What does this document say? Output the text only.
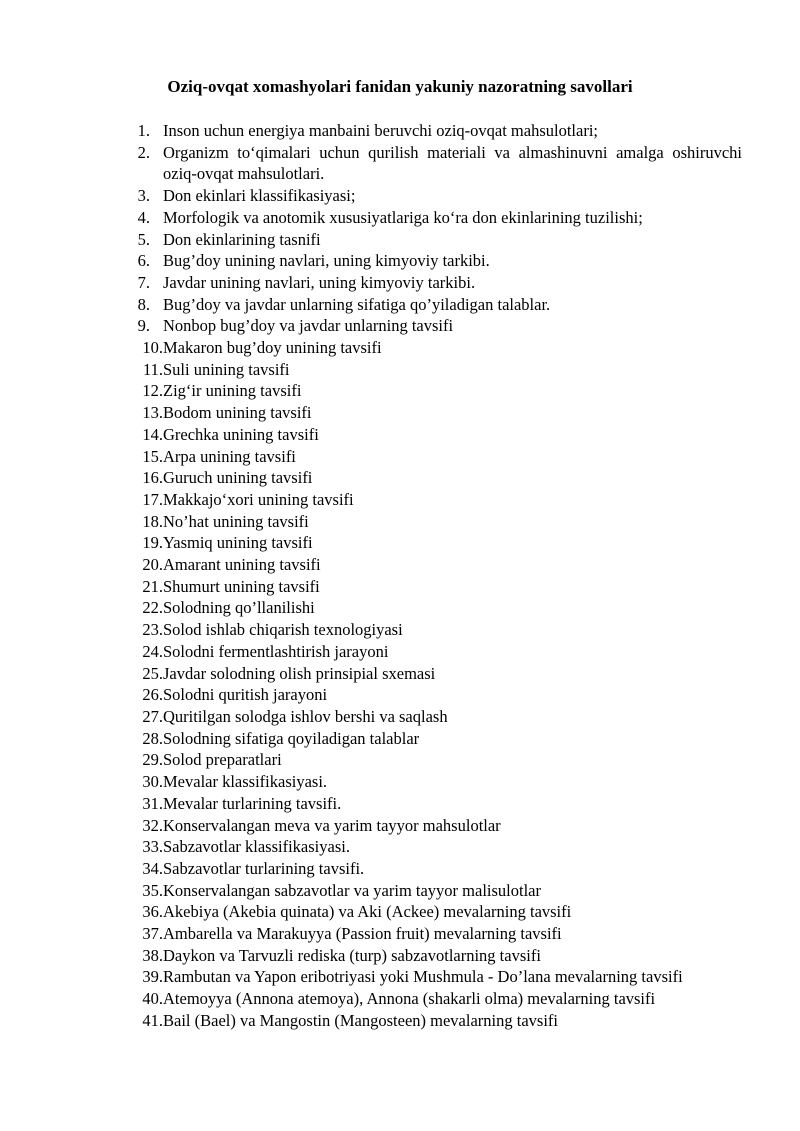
Oziq-ovqat xomashyolari fanidan yakuniy nazoratning savollari
1. Inson uchun energiya manbaini beruvchi oziq-ovqat mahsulotlari;
2. Organizm to‘qimalari uchun qurilish materiali va almashinuvni amalga oshiruvchi oziq-ovqat mahsulotlari.
3. Don ekinlari klassifikasiyasi;
4. Morfologik va anotomik xususiyatlariga ko‘ra don ekinlarining tuzilishi;
5. Don ekinlarining tasnifi
6. Bug’doy unining navlari, uning kimyoviy tarkibi.
7. Javdar unining navlari, uning kimyoviy tarkibi.
8. Bug’doy va javdar unlarning sifatiga qo’yiladigan talablar.
9. Nonbop bug’doy va javdar unlarning tavsifi
10. Makaron bug’doy unining tavsifi
11. Suli unining tavsifi
12. Zig‘ir unining tavsifi
13. Bodom unining tavsifi
14. Grechka unining tavsifi
15. Arpa unining tavsifi
16. Guruch unining tavsifi
17. Makkajo‘xori unining tavsifi
18. No’hat unining tavsifi
19. Yasmiq unining tavsifi
20. Amarant unining tavsifi
21. Shumurt unining tavsifi
22. Solodning qo’llanilishi
23. Solod ishlab chiqarish texnologiyasi
24. Solodni fermentlashtirish jarayoni
25. Javdar solodning olish prinsipial sxemasi
26. Solodni quritish jarayoni
27. Quritilgan solodga ishlov bershi va saqlash
28. Solodning sifatiga qoyiladigan talablar
29. Solod preparatlari
30. Mevalar klassifikasiyasi.
31. Mevalar turlarining tavsifi.
32. Konservalangan meva va yarim tayyor mahsulotlar
33. Sabzavotlar klassifikasiyasi.
34. Sabzavotlar turlarining tavsifi.
35. Konservalangan sabzavotlar va yarim tayyor malisulotlar
36. Akebiya (Akebia quinata) va Aki (Ackee) mevalarning tavsifi
37. Ambarella va Marakuyya (Passion fruit) mevalarning tavsifi
38. Daykon va Tarvuzli rediska (turp) sabzavotlarning tavsifi
39. Rambutan va Yapon eribotriyasi yoki Mushmula - Do’lana mevalarning tavsifi
40. Atemoyya (Annona atemoya), Annona (shakarli olma) mevalarning tavsifi
41. Bail (Bael) va Mangostin (Mangosteen) mevalarning tavsifi
